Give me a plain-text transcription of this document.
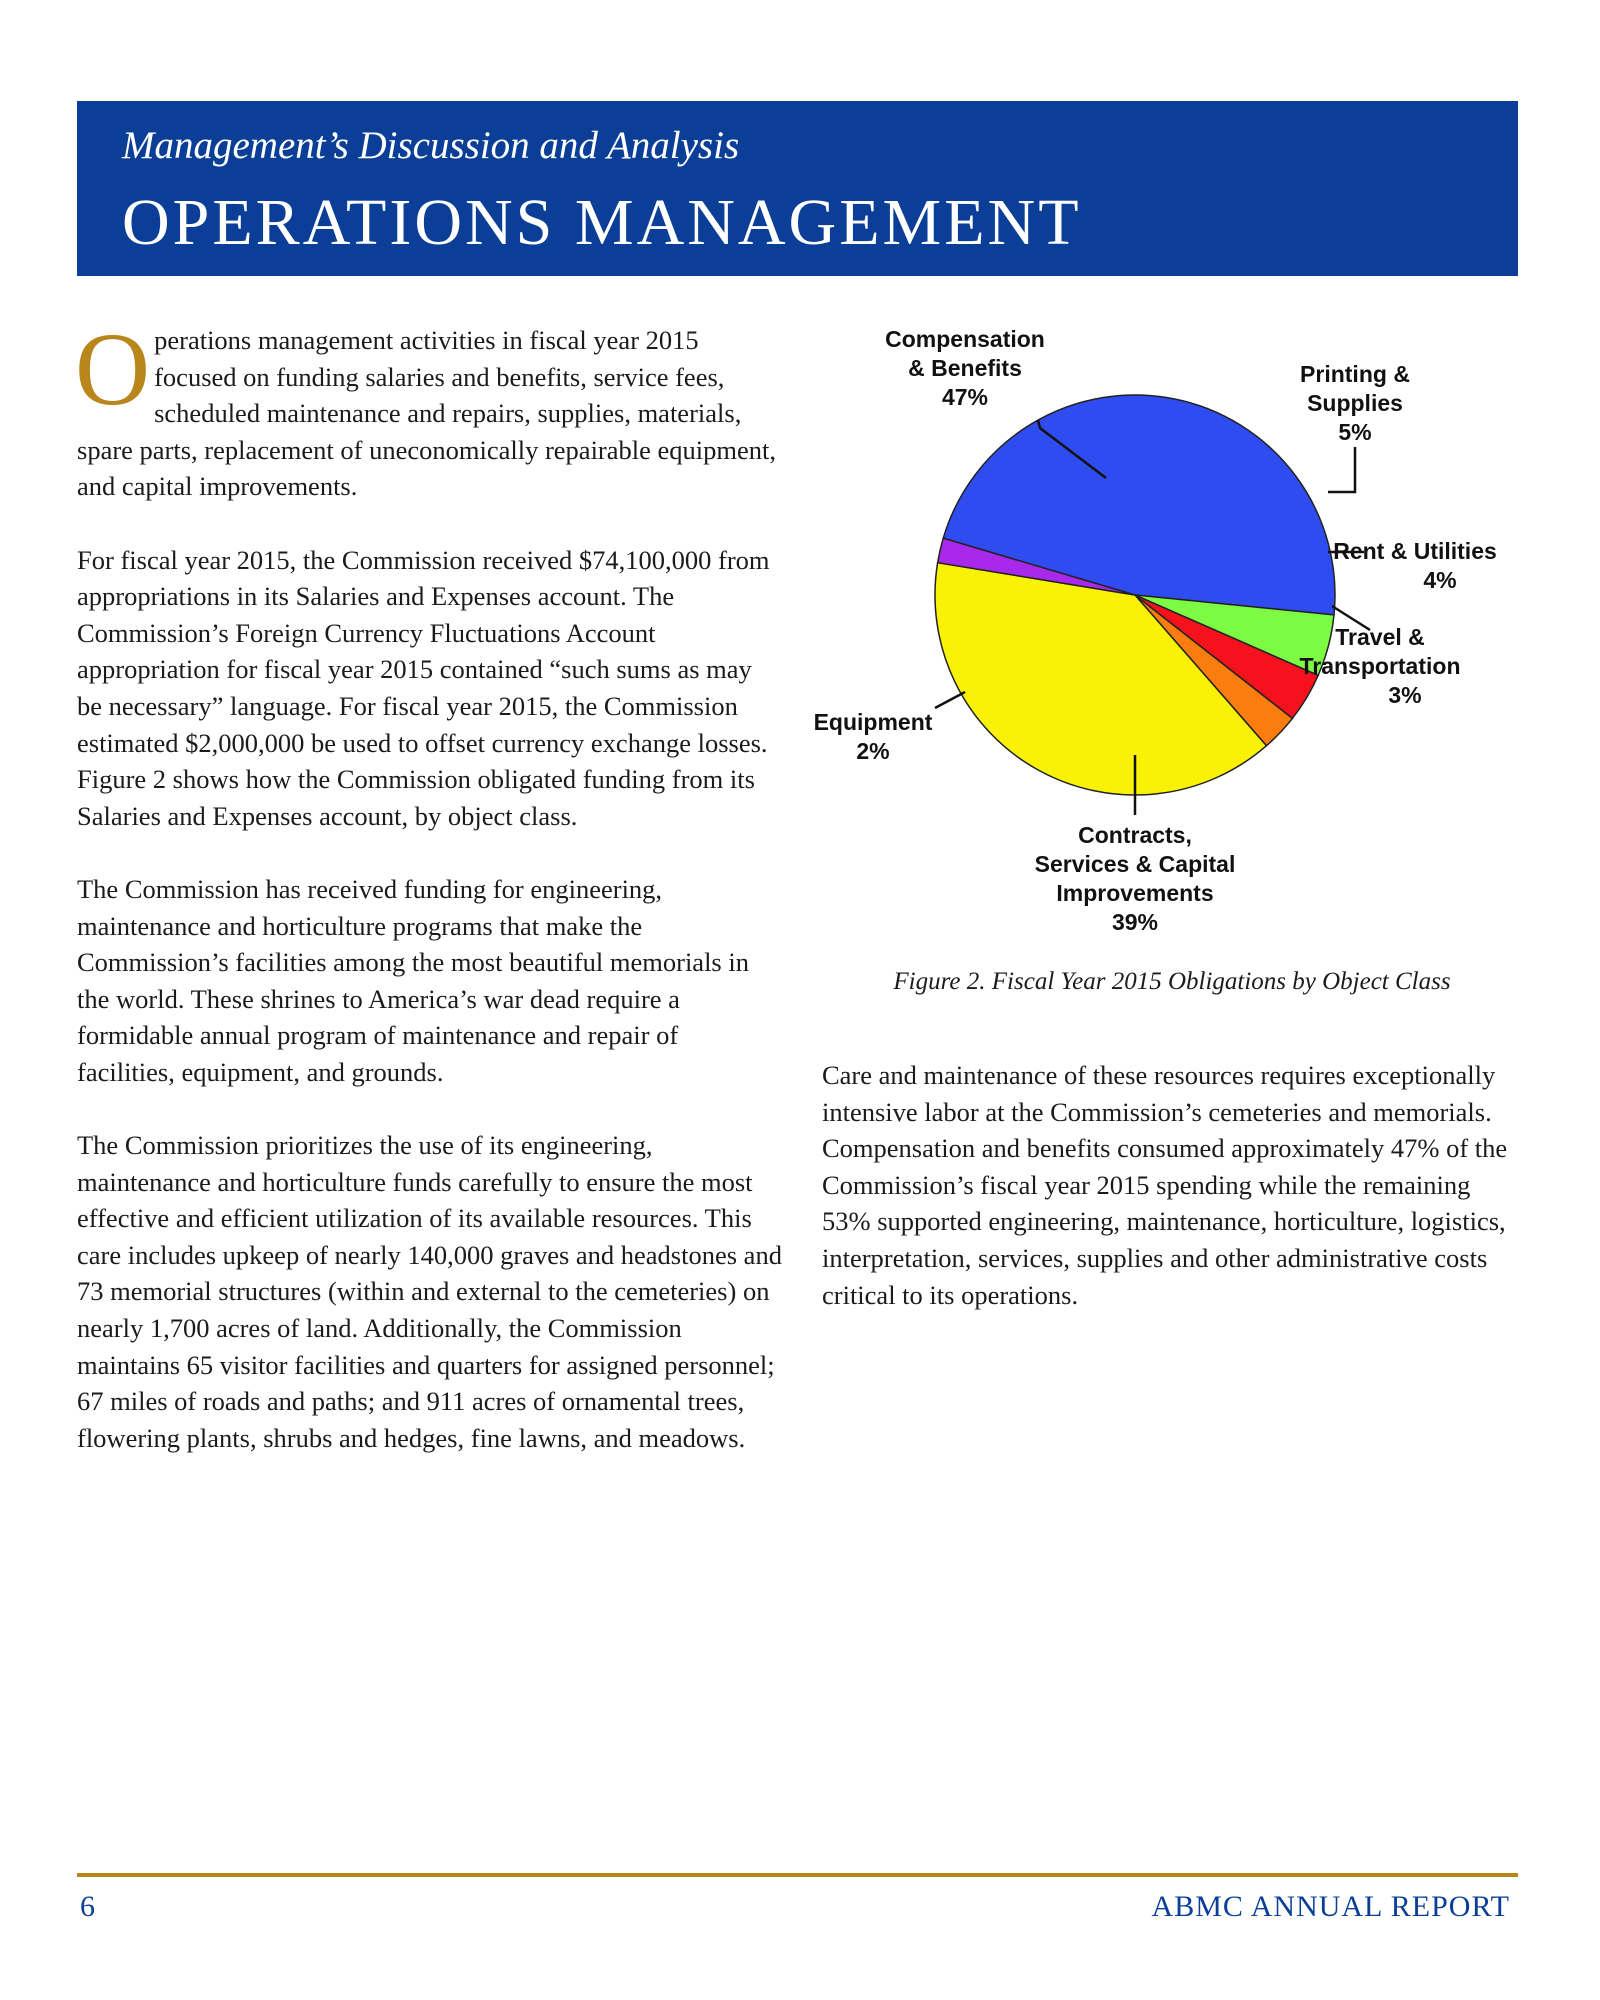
Management’s Discussion and Analysis
OPERATIONS MANAGEMENT

Operations management activities in fiscal year 2015 focused on funding salaries and benefits, service fees, scheduled maintenance and repairs, supplies, materials, spare parts, replacement of uneconomically repairable equipment, and capital improvements.

For fiscal year 2015, the Commission received $74,100,000 from appropriations in its Salaries and Expenses account. The Commission’s Foreign Currency Fluctuations Account appropriation for fiscal year 2015 contained “such sums as may be necessary” language. For fiscal year 2015, the Commission estimated $2,000,000 be used to offset currency exchange losses. Figure 2 shows how the Commission obligated funding from its Salaries and Expenses account, by object class.

The Commission has received funding for engineering, maintenance and horticulture programs that make the Commission’s facilities among the most beautiful memorials in the world. These shrines to America’s war dead require a formidable annual program of maintenance and repair of facilities, equipment, and grounds.

The Commission prioritizes the use of its engineering, maintenance and horticulture funds carefully to ensure the most effective and efficient utilization of its available resources. This care includes upkeep of nearly 140,000 graves and headstones and 73 memorial structures (within and external to the cemeteries) on nearly 1,700 acres of land. Additionally, the Commission maintains 65 visitor facilities and quarters for assigned personnel; 67 miles of roads and paths; and 911 acres of ornamental trees, flowering plants, shrubs and hedges, fine lawns, and meadows.

Compensation & Benefits 47%
Printing & Supplies 5%
Rent & Utilities 4%
Travel & Transportation 3%
Contracts, Services & Capital Improvements 39%
Equipment 2%
Figure 2. Fiscal Year 2015 Obligations by Object Class

Care and maintenance of these resources requires exceptionally intensive labor at the Commission’s cemeteries and memorials. Compensation and benefits consumed approximately 47% of the Commission’s fiscal year 2015 spending while the remaining 53% supported engineering, maintenance, horticulture, logistics, interpretation, services, supplies and other administrative costs critical to its operations.

6	ABMC ANNUAL REPORT
